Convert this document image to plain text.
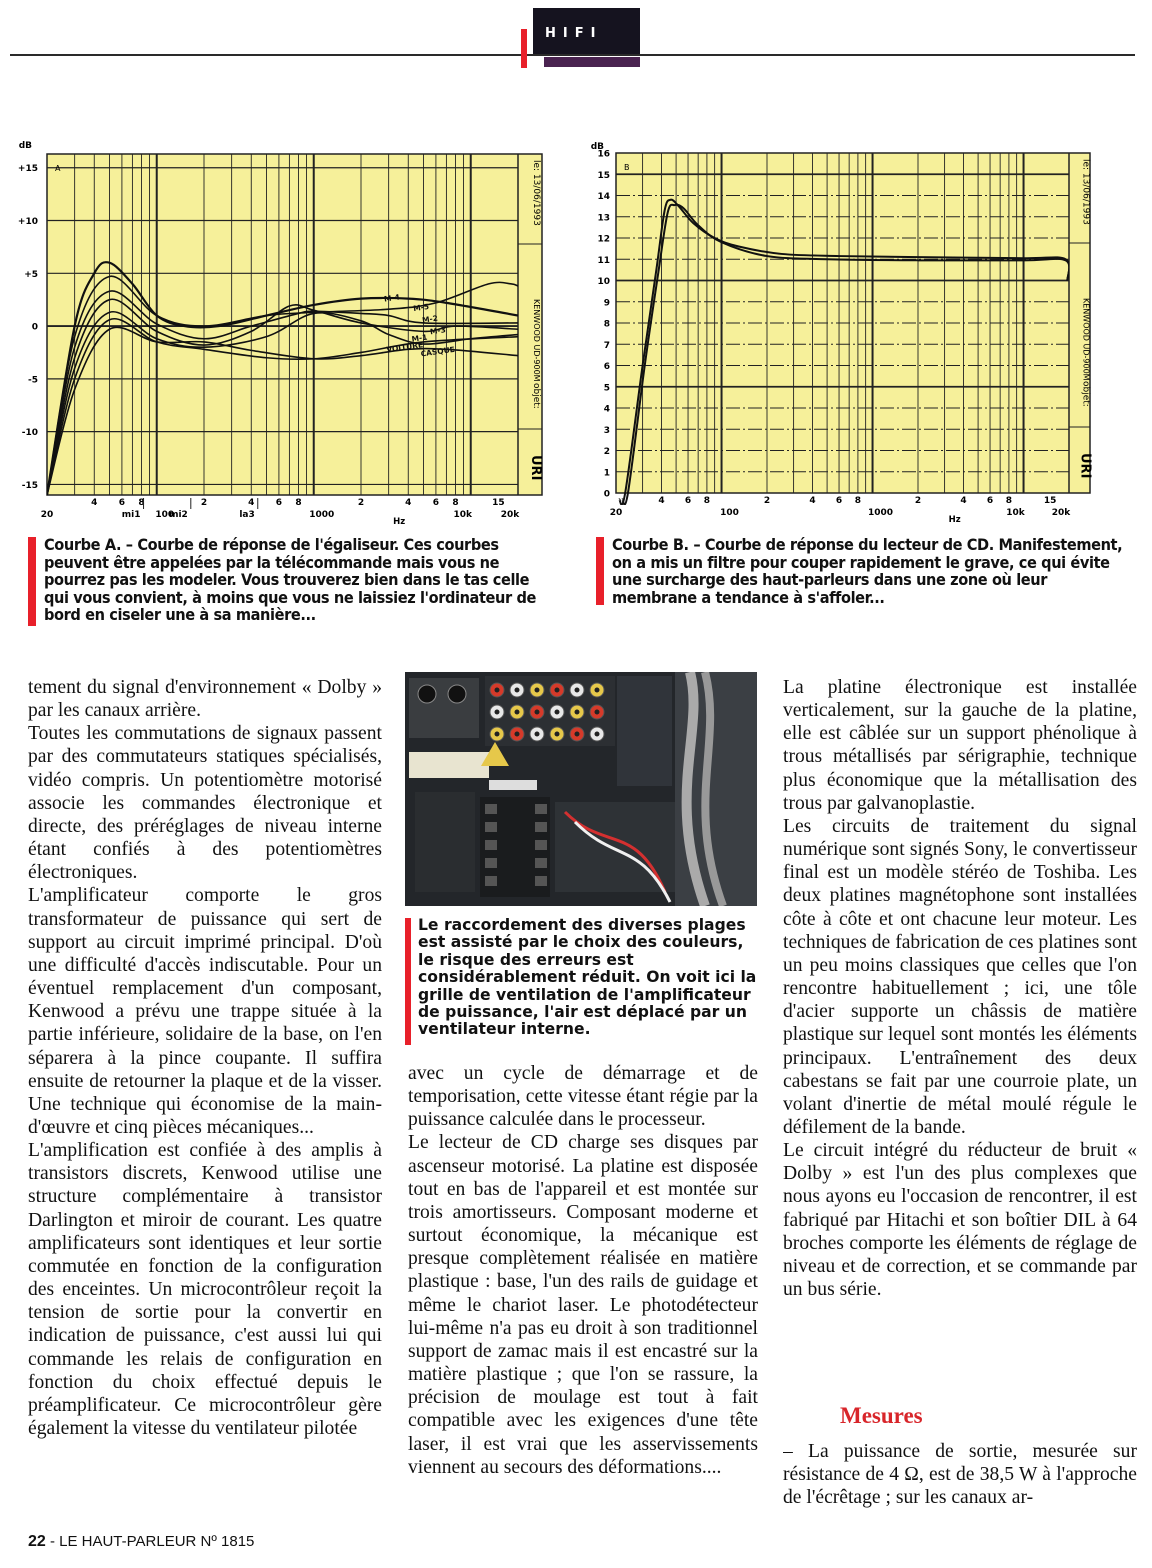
HIFI
le: 13/06/1993
KENWOOD UD-900M
objet:
URI
A
dB
+15
+10
+5
0
-5
-10
-15
4 6 8	2	4 6 8	2	4 6 8	15
20	100	1000	10k	20k
Hz
mi1	mi2	la3
M-4
M-5
M-2
M-3
M-1
VOITURE
CASQUE
le: 13/06/1993
KENWOOD UD-900M
objet:
URI
B
dB
16
15
14
13
12
11
10
9
8
7
6
5
4
3
2
1
0
4 6 8	2	4 6 8	2	4 6 8	15
20	100	1000	10k	20k
Hz
Courbe A. – Courbe de réponse de l'égaliseur. Ces courbes peuvent être appelées par la télécommande mais vous ne pourrez pas les modeler. Vous trouverez bien dans le tas celle qui vous convient, à moins que vous ne laissiez l'ordinateur de bord en ciseler une à sa manière...
Courbe B. – Courbe de réponse du lecteur de CD. Manifestement, on a mis un filtre pour couper rapidement le grave, ce qui évite une surcharge des haut-parleurs dans une zone où leur membrane a tendance à s'affoler...

tement du signal d'environnement « Dolby » par les canaux arrière.

Toutes les commutations de signaux passent par des commutateurs statiques spécialisés, vidéo compris. Un potentiomètre motorisé associe les commandes électronique et directe, des préréglages de niveau interne étant confiés à des potentiomètres électroniques.

L'amplificateur comporte le gros transformateur de puissance qui sert de support au circuit imprimé principal. D'où une difficulté d'accès indiscutable. Pour un éventuel remplacement d'un composant, Kenwood a prévu une trappe située à la partie inférieure, solidaire de la base, on l'en séparera à la pince coupante. Il suffira ensuite de retourner la plaque et de la visser. Une technique qui économise de la main-d'œuvre et cinq pièces mécaniques...

L'amplification est confiée à des amplis à transistors discrets, Kenwood utilise une structure complémentaire à transistor Darlington et miroir de courant. Les quatre amplificateurs sont identiques et leur sortie commutée en fonction de la configuration des enceintes. Un microcontrôleur reçoit la tension de sortie pour la convertir en indication de puissance, c'est aussi lui qui commande les relais de configuration en fonction du choix effectué depuis le préamplificateur. Ce microcontrôleur gère également la vitesse du ventilateur pilotée

Le raccordement des diverses plages est assisté par le choix des couleurs, le risque des erreurs est considérablement réduit. On voit ici la grille de ventilation de l'amplificateur de puissance, l'air est déplacé par un ventilateur interne.

avec un cycle de démarrage et de temporisation, cette vitesse étant régie par la puissance calculée dans le processeur.

Le lecteur de CD charge ses disques par ascenseur motorisé. La platine est disposée tout en bas de l'appareil et est montée sur trois amortisseurs. Composant moderne et surtout économique, la mécanique est presque complètement réalisée en matière plastique : base, l'un des rails de guidage et même le chariot laser. Le photodétecteur lui-même n'a pas eu droit à son traditionnel support de zamac mais il est encastré sur la matière plastique ; que l'on se rassure, la précision de moulage est tout à fait compatible avec les exigences d'une tête laser, il est vrai que les asservissements viennent au secours des déformations....

La platine électronique est installée verticalement, sur la gauche de la platine, elle est câblée sur un support phénolique à trous métallisés par sérigraphie, technique plus économique que la métallisation des trous par galvanoplastie.

Les circuits de traitement du signal numérique sont signés Sony, le convertisseur final est un modèle stéréo de Toshiba. Les deux platines magnétophone sont installées côte à côte et ont chacune leur moteur. Les techniques de fabrication de ces platines sont un peu moins classiques que celles que l'on rencontre habituellement ; ici, une tôle d'acier supporte un châssis de matière plastique sur lequel sont montés les éléments principaux. L'entraînement des deux cabestans se fait par une courroie plate, un volant d'inertie de métal moulé régule le défilement de la bande.

Le circuit intégré du réducteur de bruit « Dolby » est l'un des plus complexes que nous ayons eu l'occasion de rencontrer, il est fabriqué par Hitachi et son boîtier DIL à 64 broches comporte les éléments de réglage de niveau et de correction, et se commande par un bus série.

Mesures
– La puissance de sortie, mesurée sur résistance de 4 Ω, est de 38,5 W à l'approche de l'écrêtage ; sur les canaux ar-
22 - LE HAUT-PARLEUR Nº 1815
